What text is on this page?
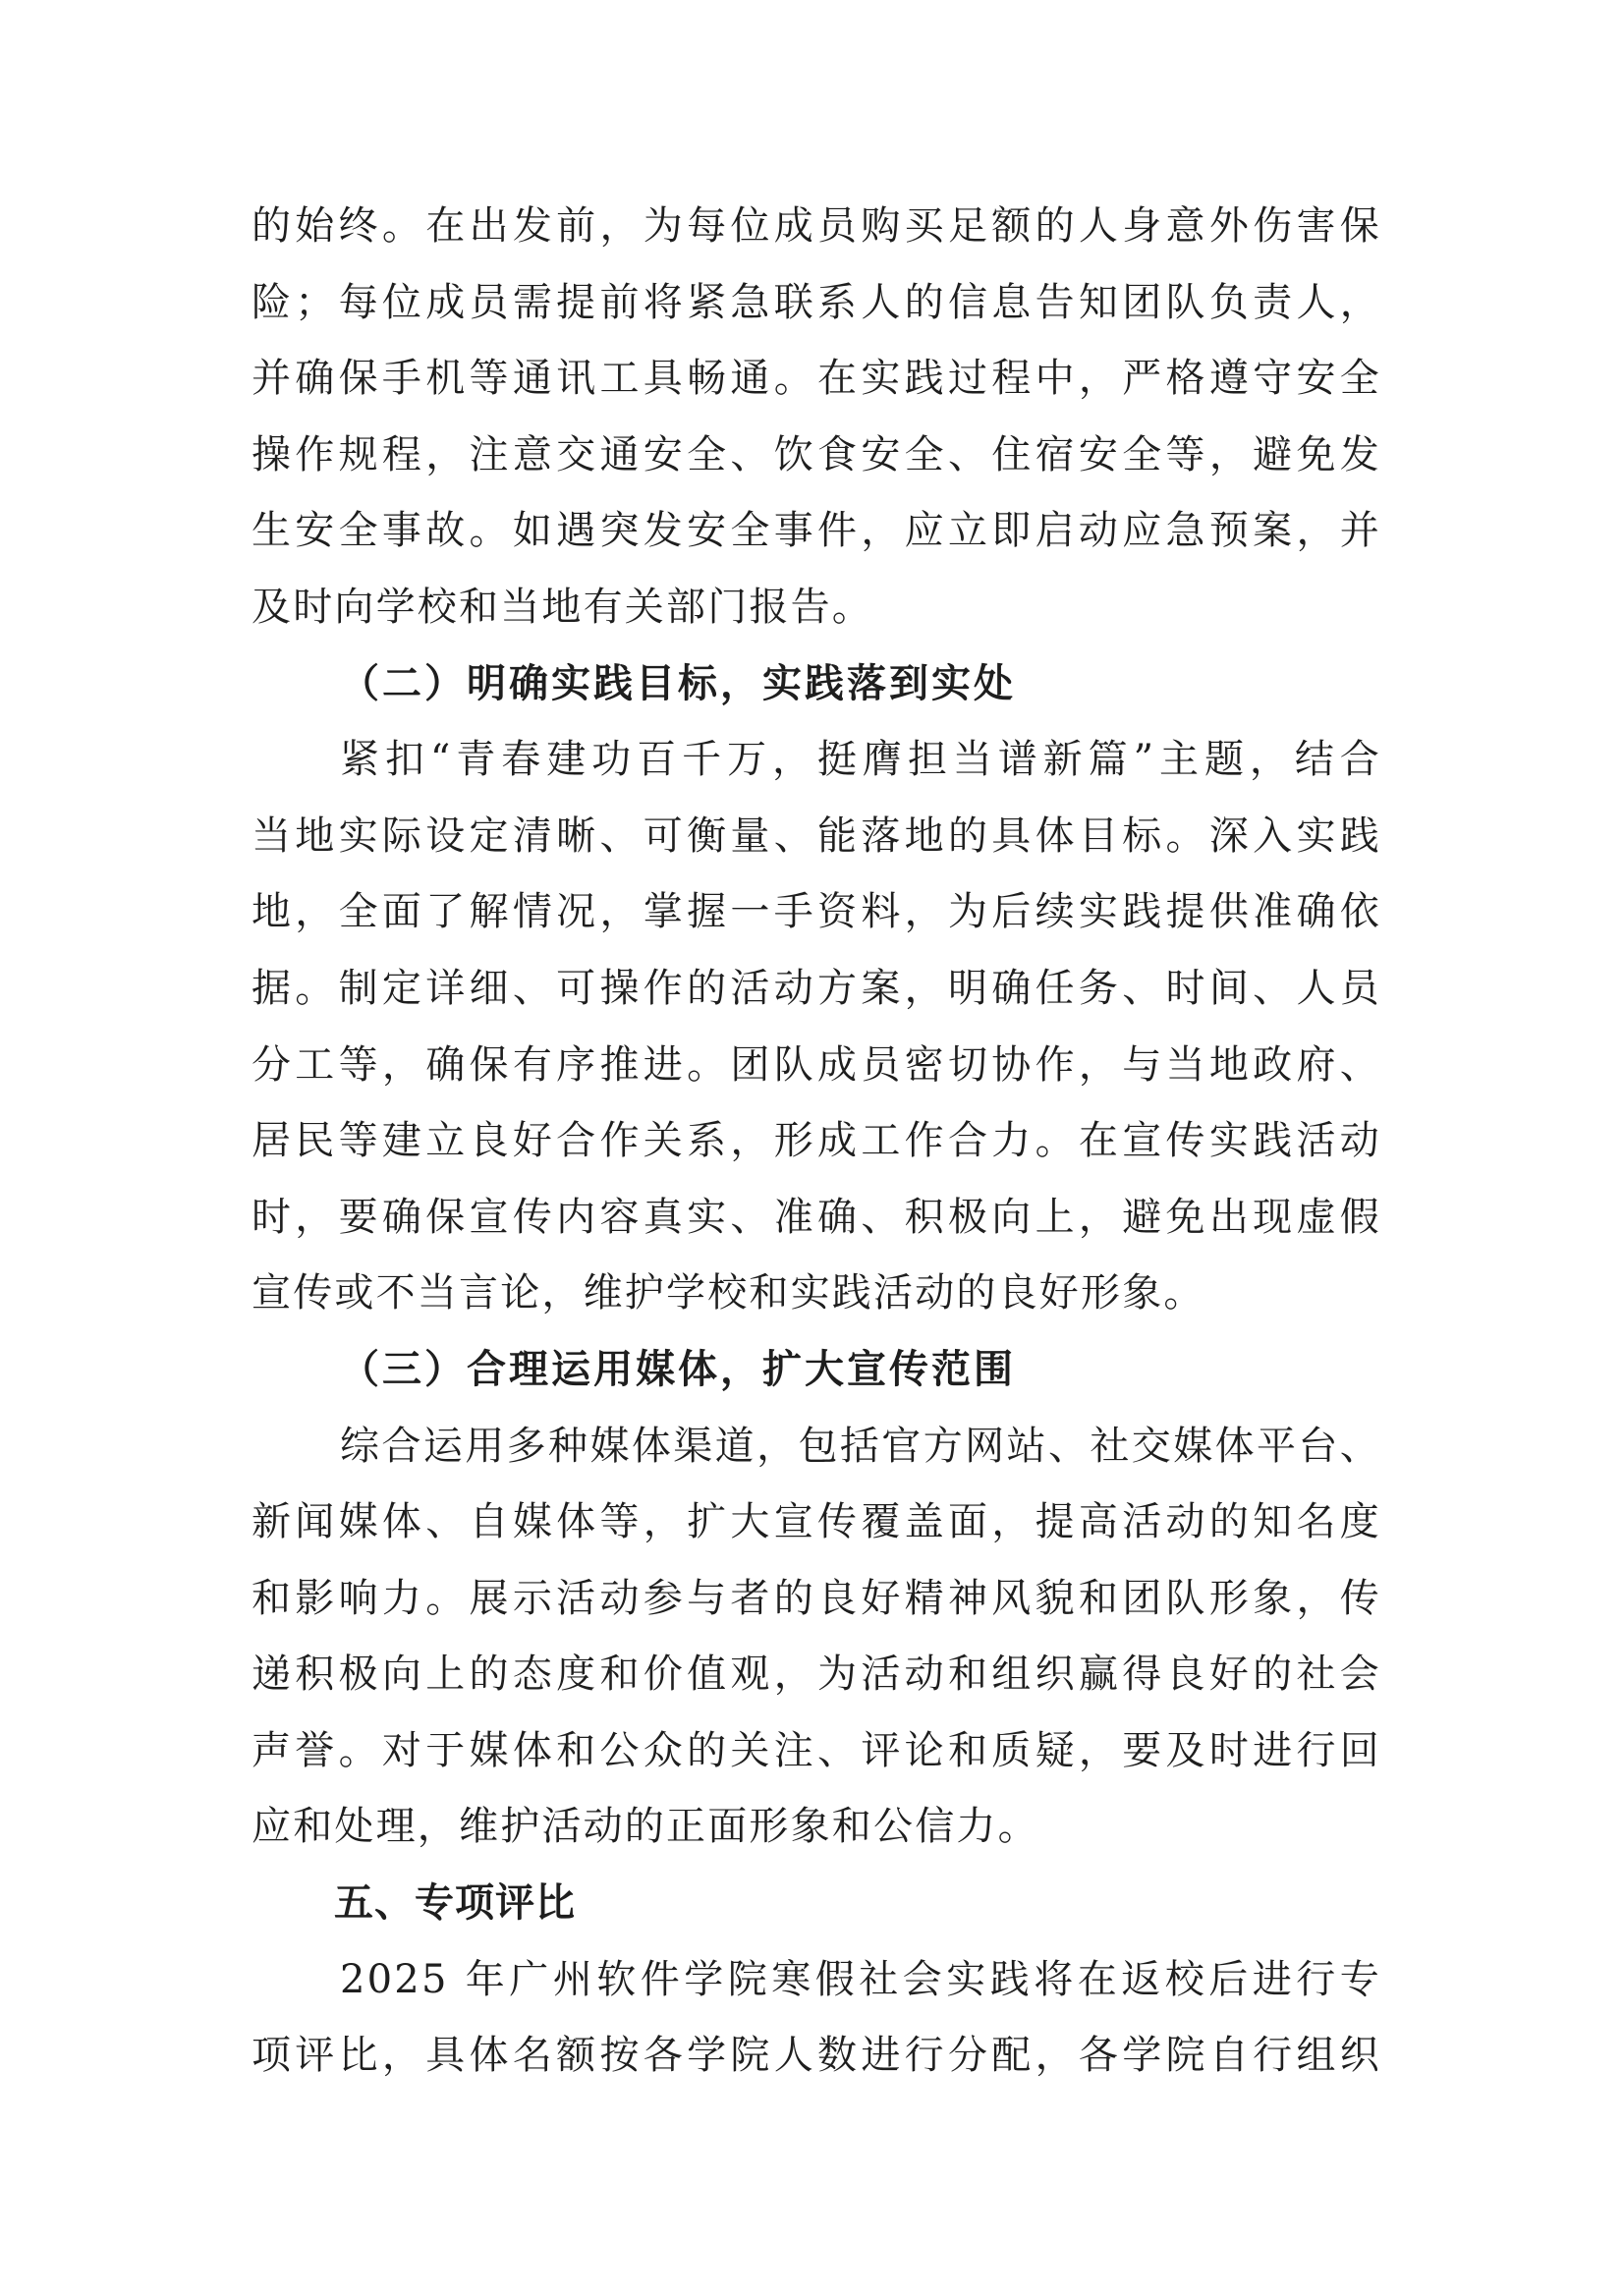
的始终。在出发前，为每位成员购买足额的人身意外伤害保
险；每位成员需提前将紧急联系人的信息告知团队负责人，
并确保手机等通讯工具畅通。在实践过程中，严格遵守安全
操作规程，注意交通安全、饮食安全、住宿安全等，避免发
生安全事故。如遇突发安全事件，应立即启动应急预案，并
及时向学校和当地有关部门报告。
（二）明确实践目标，实践落到实处
紧扣“青春建功百千万，挺膺担当谱新篇”主题，结合
当地实际设定清晰、可衡量、能落地的具体目标。深入实践
地，全面了解情况，掌握一手资料，为后续实践提供准确依
据。制定详细、可操作的活动方案，明确任务、时间、人员
分工等，确保有序推进。团队成员密切协作，与当地政府、
居民等建立良好合作关系，形成工作合力。在宣传实践活动
时，要确保宣传内容真实、准确、积极向上，避免出现虚假
宣传或不当言论，维护学校和实践活动的良好形象。
（三）合理运用媒体，扩大宣传范围
综合运用多种媒体渠道，包括官方网站、社交媒体平台、
新闻媒体、自媒体等，扩大宣传覆盖面，提高活动的知名度
和影响力。展示活动参与者的良好精神风貌和团队形象，传
递积极向上的态度和价值观，为活动和组织赢得良好的社会
声誉。对于媒体和公众的关注、评论和质疑，要及时进行回
应和处理，维护活动的正面形象和公信力。
五、专项评比
2025 年广州软件学院寒假社会实践将在返校后进行专
项评比，具体名额按各学院人数进行分配，各学院自行组织
